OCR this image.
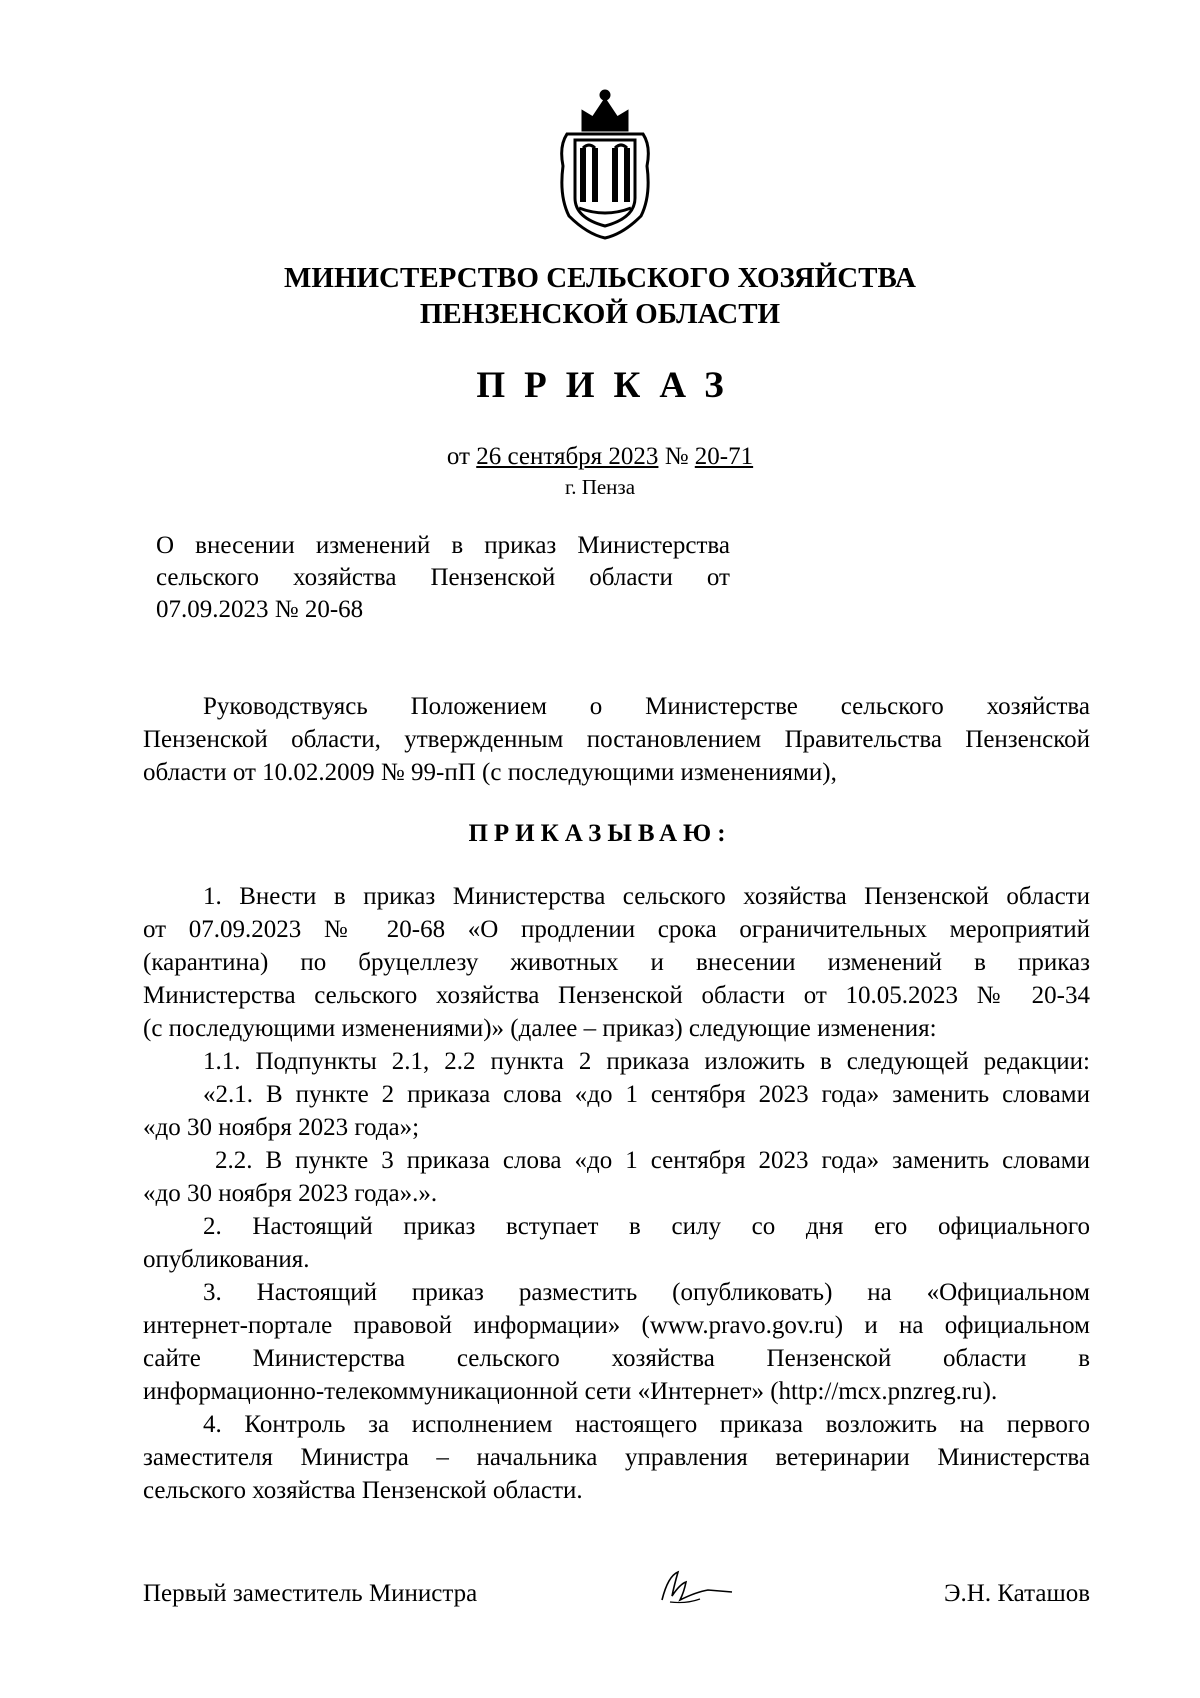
МИНИСТЕРСТВО СЕЛЬСКОГО ХОЗЯЙСТВА
ПЕНЗЕНСКОЙ ОБЛАСТИ
ПРИКАЗ
от 26 сентября 2023 № 20-71
г. Пенза
О внесении изменений в приказ Министерства
сельского хозяйства Пензенской области от
07.09.2023 № 20-68
Руководствуясь Положением о Министерстве сельского хозяйства
Пензенской области, утвержденным постановлением Правительства Пензенской
области от 10.02.2009 № 99-пП (с последующими изменениями),
ПРИКАЗЫВАЮ:
1. Внести в приказ Министерства сельского хозяйства Пензенской области
от 07.09.2023 № 20-68 «О продлении срока ограничительных мероприятий
(карантина) по бруцеллезу животных и внесении изменений в приказ
Министерства сельского хозяйства Пензенской области от 10.05.2023 № 20-34
(с последующими изменениями)» (далее – приказ) следующие изменения:
1.1. Подпункты 2.1, 2.2 пункта 2 приказа изложить в следующей редакции:
«2.1. В пункте 2 приказа слова «до 1 сентября 2023 года» заменить словами
«до 30 ноября 2023 года»;
2.2. В пункте 3 приказа слова «до 1 сентября 2023 года» заменить словами
«до 30 ноября 2023 года».».
2. Настоящий приказ вступает в силу со дня его официального
опубликования.
3. Настоящий приказ разместить (опубликовать) на «Официальном
интернет-портале правовой информации» (www.pravo.gov.ru) и на официальном
сайте Министерства сельского хозяйства Пензенской области в
информационно-телекоммуникационной сети «Интернет» (http://mcx.pnzreg.ru).
4. Контроль за исполнением настоящего приказа возложить на первого
заместителя Министра – начальника управления ветеринарии Министерства
сельского хозяйства Пензенской области.
Первый заместитель Министра	Э.Н. Каташов
